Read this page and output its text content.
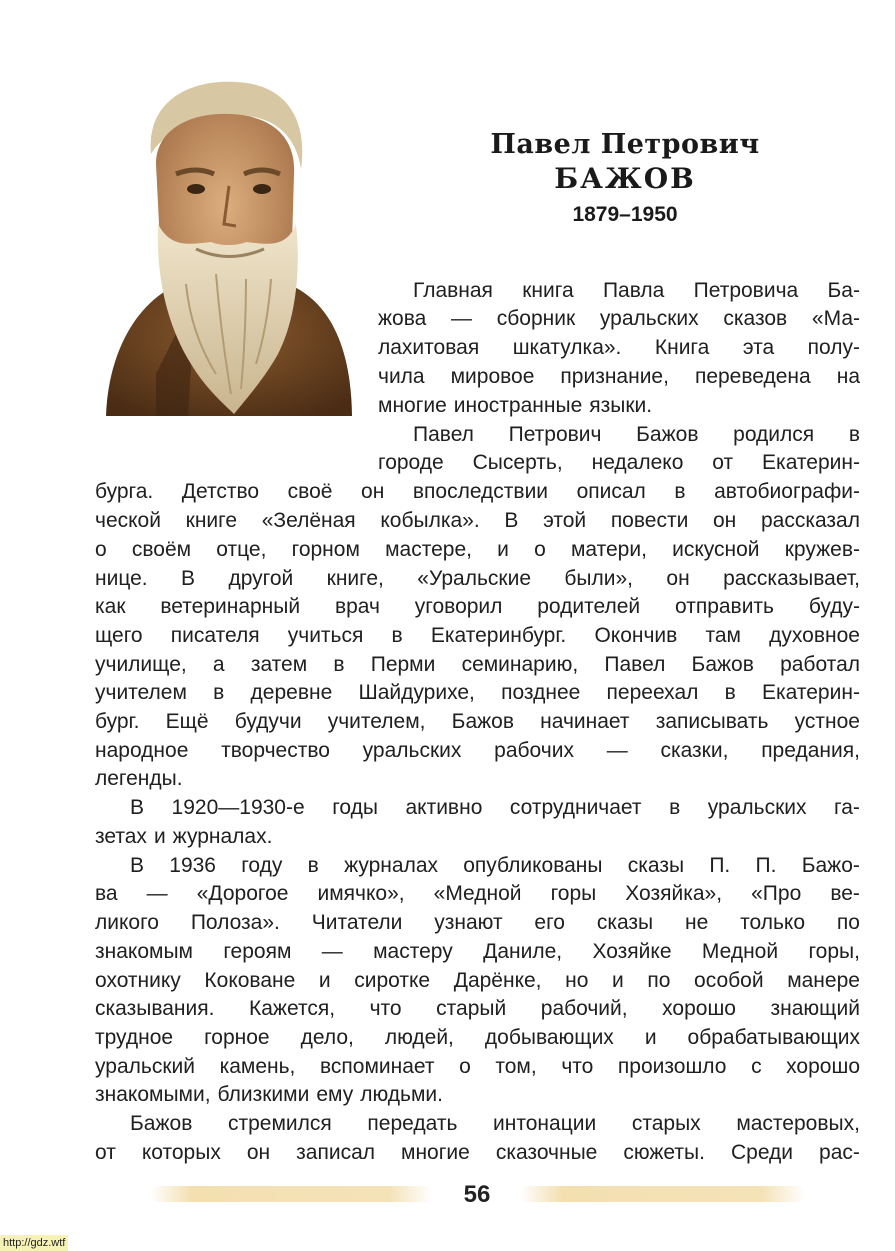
Павел Петрович
БАЖОВ
1879–1950
Главная книга Павла Петровича Ба-
жова — сборник уральских сказов «Ма-
лахитовая шкатулка». Книга эта полу-
чила мировое признание, переведена на
многие иностранные языки.
Павел Петрович Бажов родился в
городе Сысерть, недалеко от Екатерин-
бурга. Детство своё он впоследствии описал в автобиографи-
ческой книге «Зелёная кобылка». В этой повести он рассказал
о своём отце, горном мастере, и о матери, искусной кружев-
нице. В другой книге, «Уральские были», он рассказывает,
как ветеринарный врач уговорил родителей отправить буду-
щего писателя учиться в Екатеринбург. Окончив там духовное
училище, а затем в Перми семинарию, Павел Бажов работал
учителем в деревне Шайдурихе, позднее переехал в Екатерин-
бург. Ещё будучи учителем, Бажов начинает записывать устное
народное творчество уральских рабочих — сказки, предания,
легенды.
В 1920—1930-е годы активно сотрудничает в уральских га-
зетах и журналах.
В 1936 году в журналах опубликованы сказы П. П. Бажо-
ва — «Дорогое имячко», «Медной горы Хозяйка», «Про ве-
ликого Полоза». Читатели узнают его сказы не только по
знакомым героям — мастеру Даниле, Хозяйке Медной горы,
охотнику Коковане и сиротке Дарёнке, но и по особой манере
сказывания. Кажется, что старый рабочий, хорошо знающий
трудное горное дело, людей, добывающих и обрабатывающих
уральский камень, вспоминает о том, что произошло с хорошо
знакомыми, близкими ему людьми.
Бажов стремился передать интонации старых мастеровых,
от которых он записал многие сказочные сюжеты. Среди рас-
56
http://gdz.wtf
